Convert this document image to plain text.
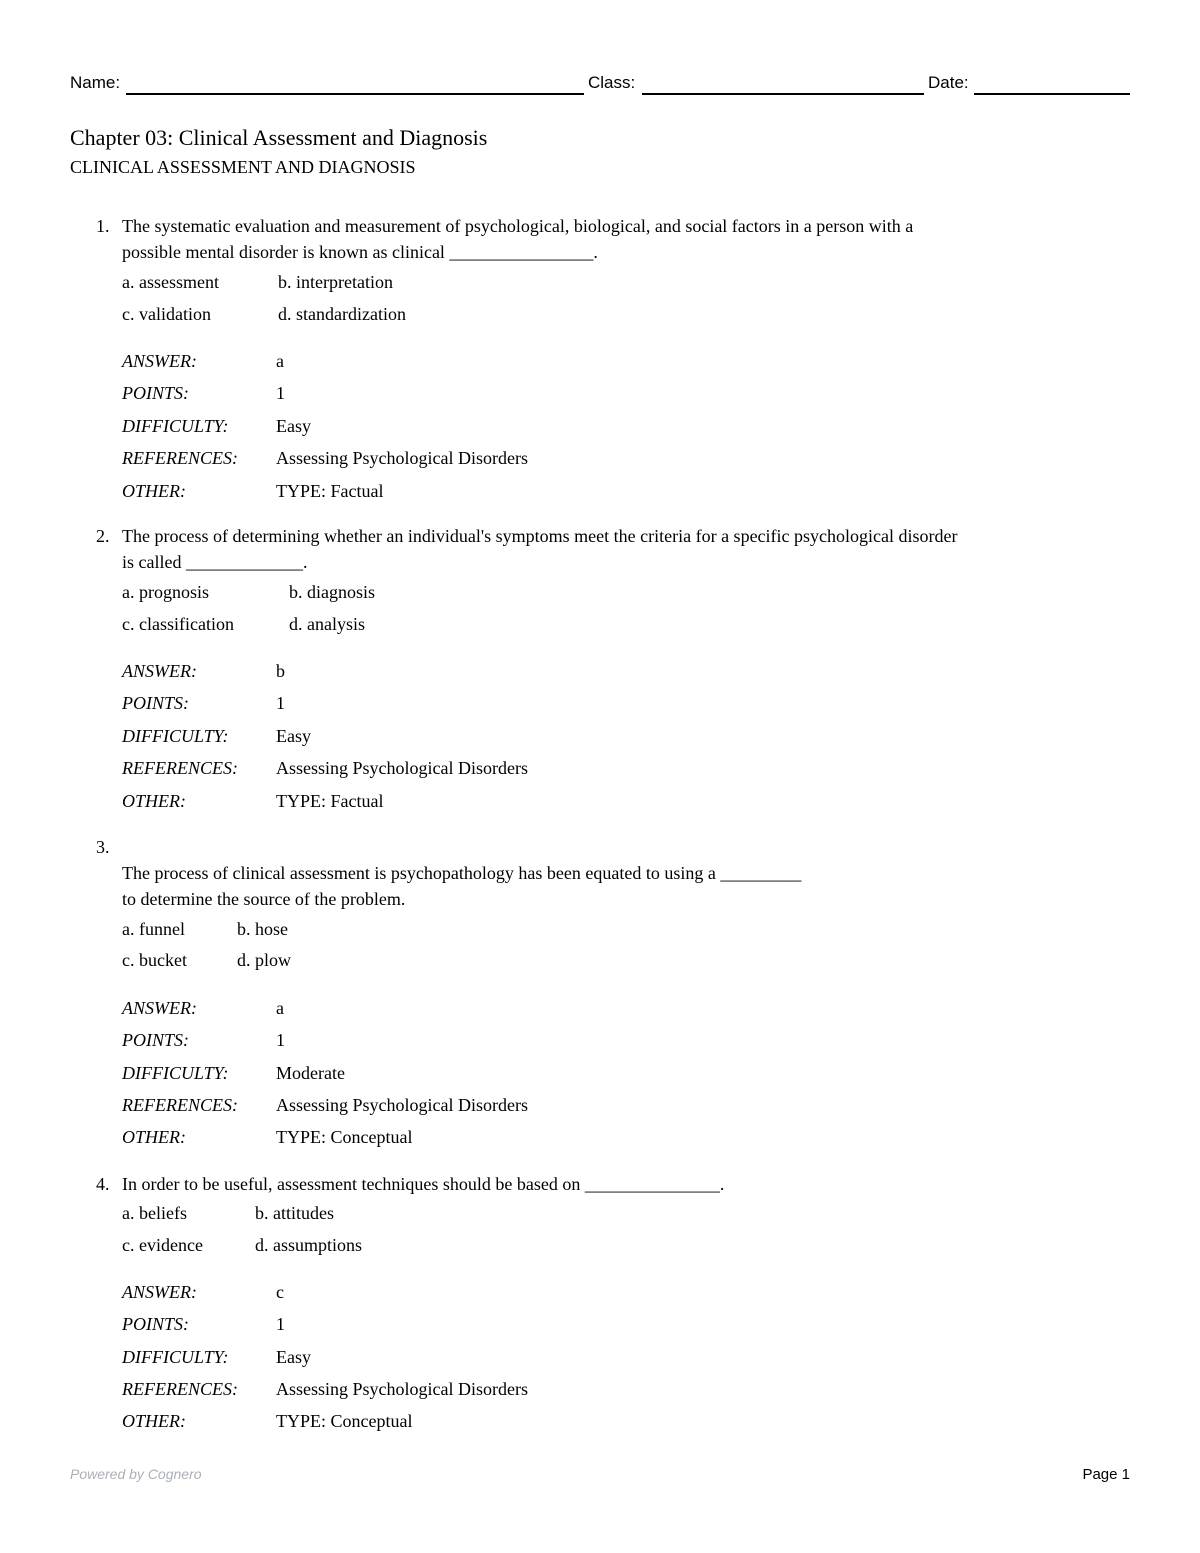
Name:	Class:	Date:
Chapter 03: Clinical Assessment and Diagnosis
CLINICAL ASSESSMENT AND DIAGNOSIS
1. The systematic evaluation and measurement of psychological, biological, and social factors in a person with a
possible mental disorder is known as clinical ________________.
a. assessment	b. interpretation
c. validation	d. standardization
ANSWER:	a
POINTS:	1
DIFFICULTY:	Easy
REFERENCES: Assessing Psychological Disorders
OTHER:	TYPE: Factual
2. The process of determining whether an individual's symptoms meet the criteria for a specific psychological disorder
is called _____________.
a. prognosis	b. diagnosis
c. classification	d. analysis
ANSWER:	b
POINTS:	1
DIFFICULTY:	Easy
REFERENCES: Assessing Psychological Disorders
OTHER:	TYPE: Factual
3.
The process of clinical assessment is psychopathology has been equated to using a _________
to determine the source of the problem.
a. funnel	b. hose
c. bucket	d. plow
ANSWER:	a
POINTS:	1
DIFFICULTY:	Moderate
REFERENCES: Assessing Psychological Disorders
OTHER:	TYPE: Conceptual
4. In order to be useful, assessment techniques should be based on _______________.
a. beliefs	b. attitudes
c. evidence	d. assumptions
ANSWER:	c
POINTS:	1
DIFFICULTY:	Easy
REFERENCES: Assessing Psychological Disorders
OTHER:	TYPE: Conceptual
Powered by Cognero	Page 1
